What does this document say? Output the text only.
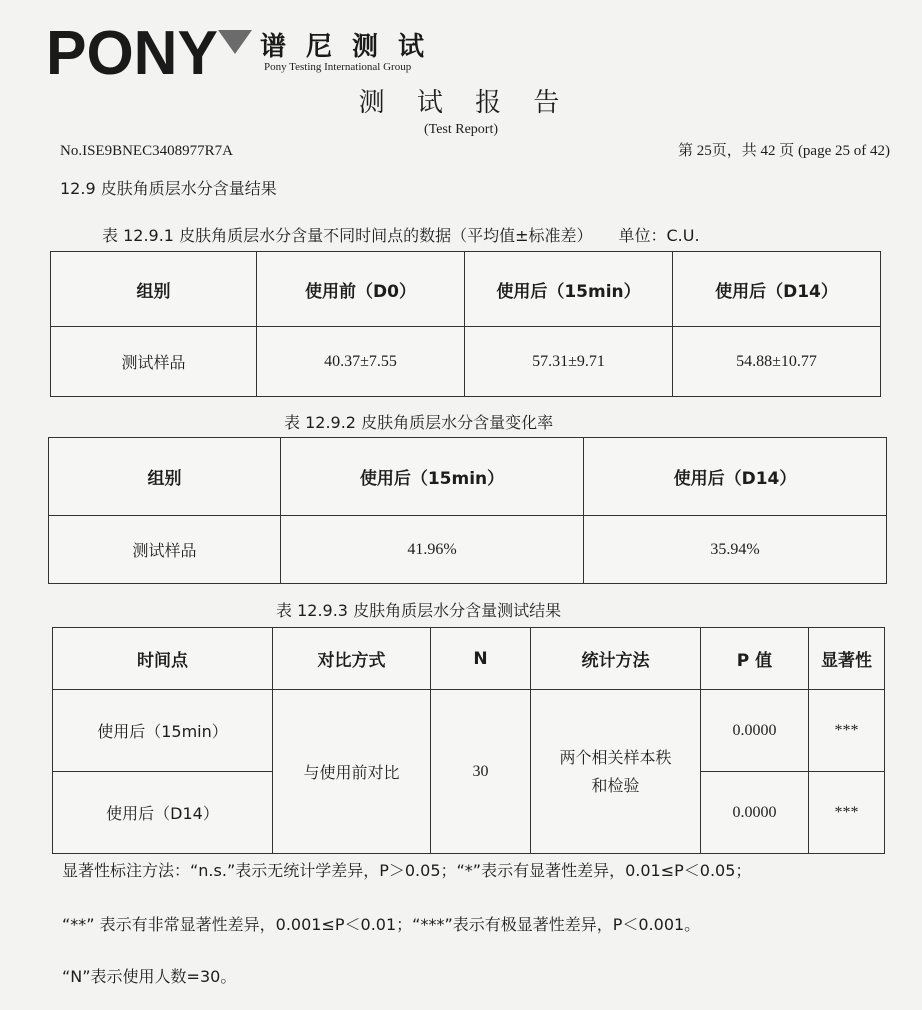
PONY 谱尼测试
Pony Testing International Group
测 试 报 告
(Test Report)
No.ISE9BNEC3408977R7A	第 25页，共 42 页 (page 25 of 42)
12.9 皮肤角质层水分含量结果
表 12.9.1 皮肤角质层水分含量不同时间点的数据（平均值±标准差） 单位：C.U.
组别	使用前（D0）	使用后（15min）	使用后（D14）
测试样品	40.37±7.55	57.31±9.71	54.88±10.77
表 12.9.2 皮肤角质层水分含量变化率
组别	使用后（15min）	使用后（D14）
测试样品	41.96%	35.94%
表 12.9.3 皮肤角质层水分含量测试结果
时间点	对比方式	N	统计方法	P 值	显著性
使用后（15min）	与使用前对比	30	两个相关样本秩和检验	0.0000	***
使用后（D14）				0.0000	***
显著性标注方法：“n.s.”表示无统计学差异，P＞0.05；“*”表示有显著性差异，0.01≤P＜0.05；
“**” 表示有非常显著性差异，0.001≤P＜0.01；“***”表示有极显著性差异，P＜0.001。
“N”表示使用人数=30。
